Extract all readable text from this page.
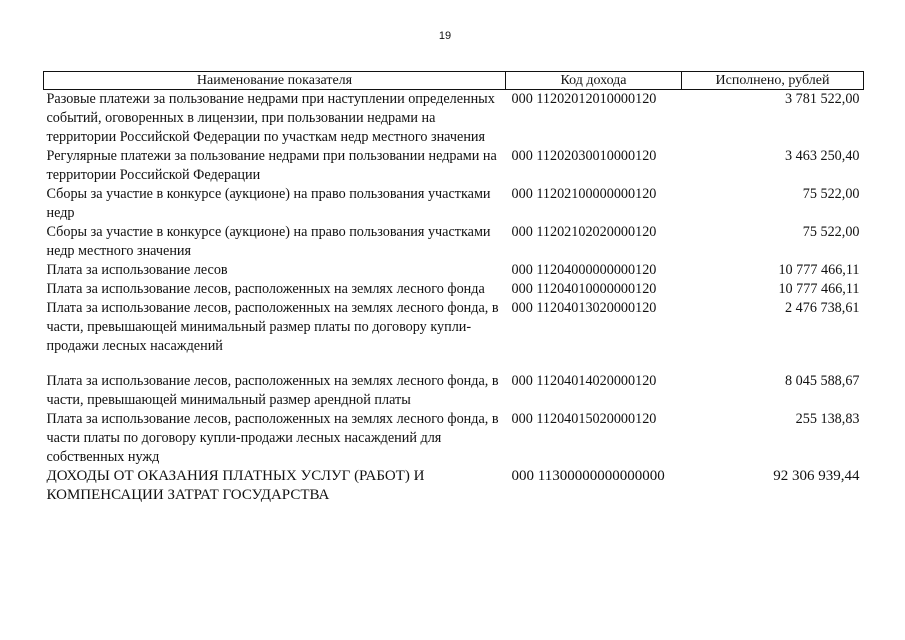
19
Наименование показателя	Код дохода	Исполнено, рублей
Разовые платежи за пользование недрами при наступлении определенных событий, оговоренных в лицензии, при пользовании недрами на территории Российской Федерации по участкам недр местного значения	000 11202012010000120	3 781 522,00
Регулярные платежи за пользование недрами при пользовании недрами на территории Российской Федерации	000 11202030010000120	3 463 250,40
Сборы за участие в конкурсе (аукционе) на право пользования участками недр	000 11202100000000120	75 522,00
Сборы за участие в конкурсе (аукционе) на право пользования участками недр местного значения	000 11202102020000120	75 522,00
Плата за использование лесов	000 11204000000000120	10 777 466,11
Плата за использование лесов, расположенных на землях лесного фонда	000 11204010000000120	10 777 466,11
Плата за использование лесов, расположенных на землях лесного фонда, в части, превышающей минимальный размер платы по договору купли-продажи лесных насаждений	000 11204013020000120	2 476 738,61
Плата за использование лесов, расположенных на землях лесного фонда, в части, превышающей минимальный размер арендной платы	000 11204014020000120	8 045 588,67
Плата за использование лесов, расположенных на землях лесного фонда, в части платы по договору купли-продажи лесных насаждений для собственных нужд	000 11204015020000120	255 138,83
ДОХОДЫ ОТ ОКАЗАНИЯ ПЛАТНЫХ УСЛУГ (РАБОТ) И КОМПЕНСАЦИИ ЗАТРАТ ГОСУДАРСТВА	000 11300000000000000	92 306 939,44
